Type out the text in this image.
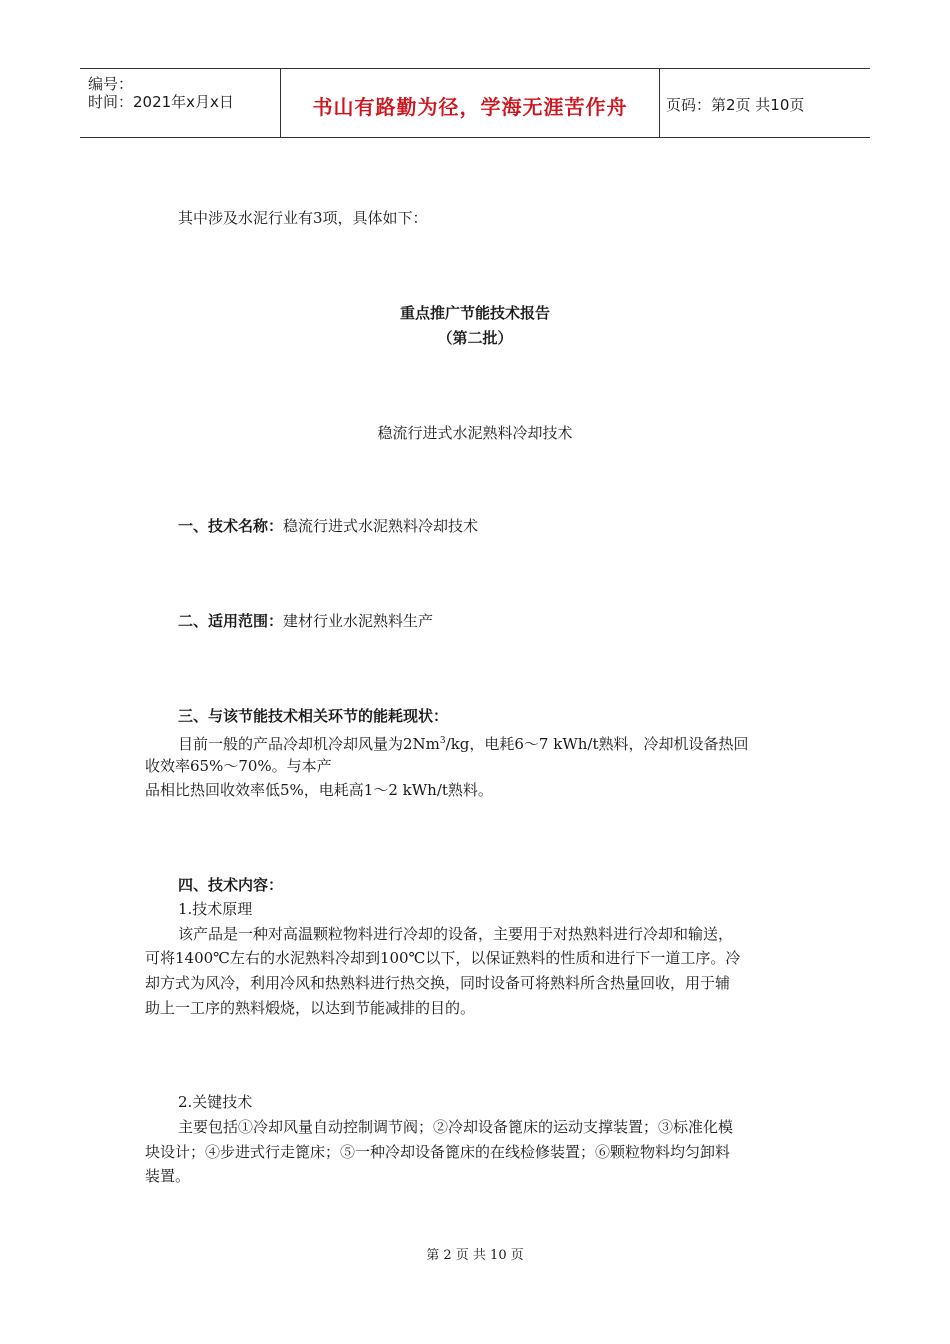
编号：
时间：2021年x月x日	书山有路勤为径，学海无涯苦作舟	页码：第2页 共10页
其中涉及水泥行业有3项，具体如下：
重点推广节能技术报告
（第二批）
稳流行进式水泥熟料冷却技术
一、技术名称：稳流行进式水泥熟料冷却技术
二、适用范围：建材行业水泥熟料生产
三、与该节能技术相关环节的能耗现状：
目前一般的产品冷却机冷却风量为2Nm$^3$/kg，电耗6～7 kWh/t熟料，冷却机设备热回
收效率65%～70%。与本产
品相比热回收效率低5%，电耗高1～2 kWh/t熟料。
四、技术内容：
1.技术原理
该产品是一种对高温颗粒物料进行冷却的设备，主要用于对热熟料进行冷却和输送，
可将1400℃左右的水泥熟料冷却到100℃以下，以保证熟料的性质和进行下一道工序。冷
却方式为风冷，利用冷风和热熟料进行热交换，同时设备可将熟料所含热量回收，用于辅
助上一工序的熟料煅烧，以达到节能减排的目的。
2.关键技术
主要包括①冷却风量自动控制调节阀；②冷却设备篦床的运动支撑装置；③标准化模
块设计；④步进式行走篦床；⑤一种冷却设备篦床的在线检修装置；⑥颗粒物料均匀卸料
装置。
第 2 页 共 10 页
